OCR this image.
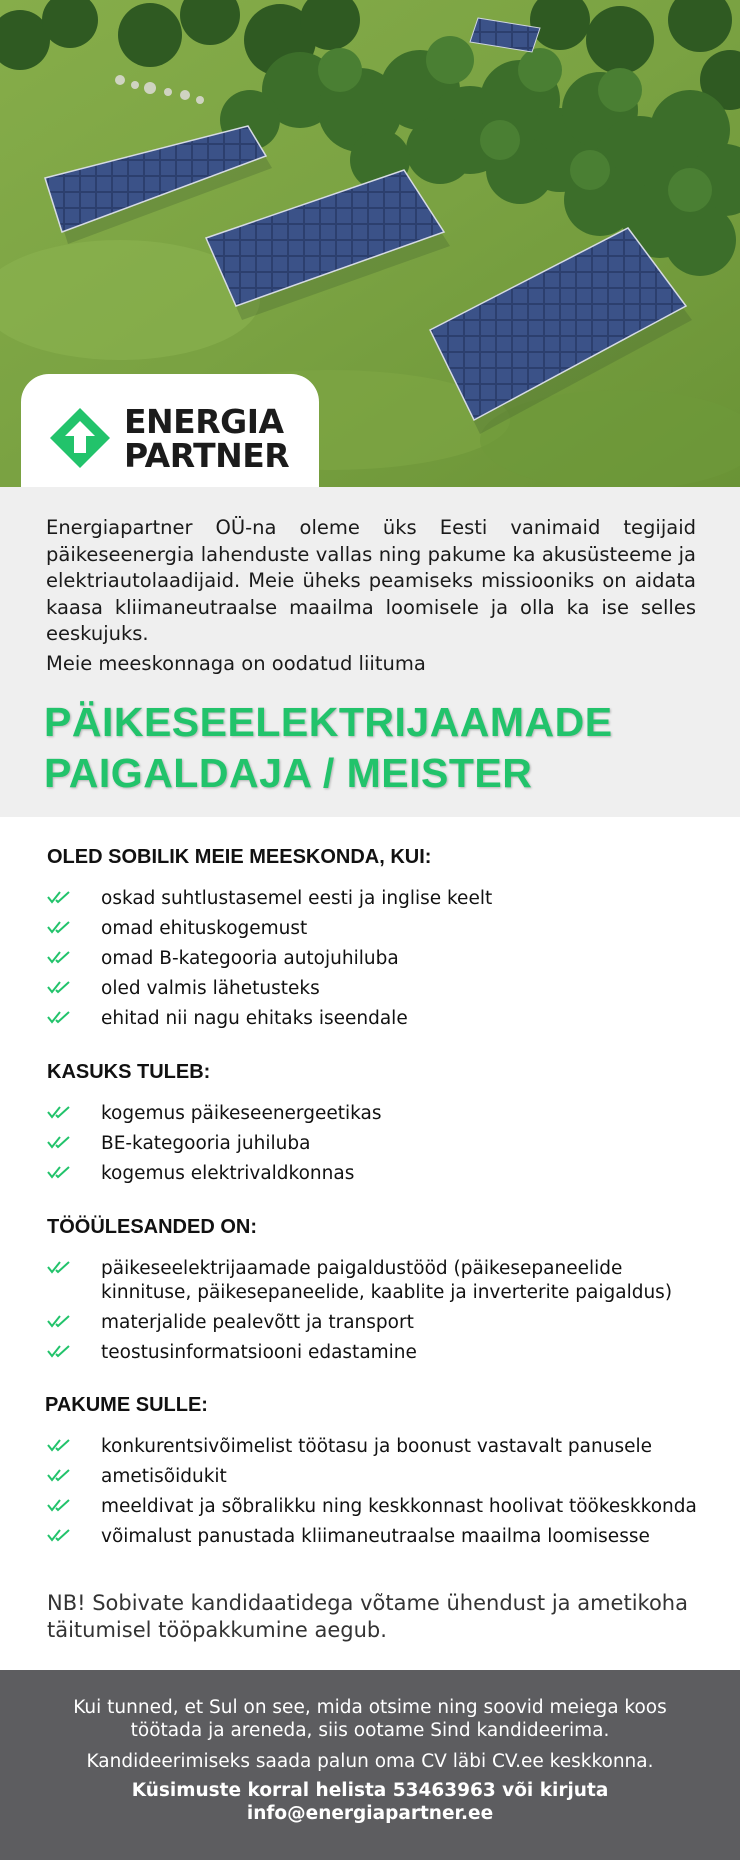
ENERGIA
PARTNER

Energiapartner OÜ-na oleme üks Eesti vanimaid tegijaid päikeseenergia lahenduste vallas ning pakume ka akusüsteeme ja elektriautolaadijaid. Meie üheks peamiseks missiooniks on aidata kaasa kliimaneutraalse maailma loomisele ja olla ka ise selles eeskujuks.

Meie meeskonnaga on oodatud liituma

PÄIKESEELEKTRIJAAMADE
PAIGALDAJA / MEISTER
OLED SOBILIK MEIE MEESKONDA, KUI:
oskad suhtlustasemel eesti ja inglise keelt
omad ehituskogemust
omad B-kategooria autojuhiluba
oled valmis lähetusteks
ehitad nii nagu ehitaks iseendale
KASUKS TULEB:
kogemus päikeseenergeetikas
BE-kategooria juhiluba
kogemus elektrivaldkonnas
TÖÖÜLESANDED ON:
päikeseelektrijaamade paigaldustööd (päikesepaneelide kinnituse, päikesepaneelide, kaablite ja inverterite paigaldus)
materjalide pealevõtt ja transport
teostusinformatsiooni edastamine
PAKUME SULLE:
konkurentsivõimelist töötasu ja boonust vastavalt panusele
ametisõidukit
meeldivat ja sõbralikku ning keskkonnast hoolivat töökeskkonda
võimalust panustada kliimaneutraalse maailma loomisesse

NB! Sobivate kandidaatidega võtame ühendust ja ametikoha täitumisel tööpakkumine aegub.

Kui tunned, et Sul on see, mida otsime ning soovid meiega koos töötada ja areneda, siis ootame Sind kandideerima.

Kandideerimiseks saada palun oma CV läbi CV.ee keskkonna.

Küsimuste korral helista 53463963 või kirjuta info@energiapartner.ee
